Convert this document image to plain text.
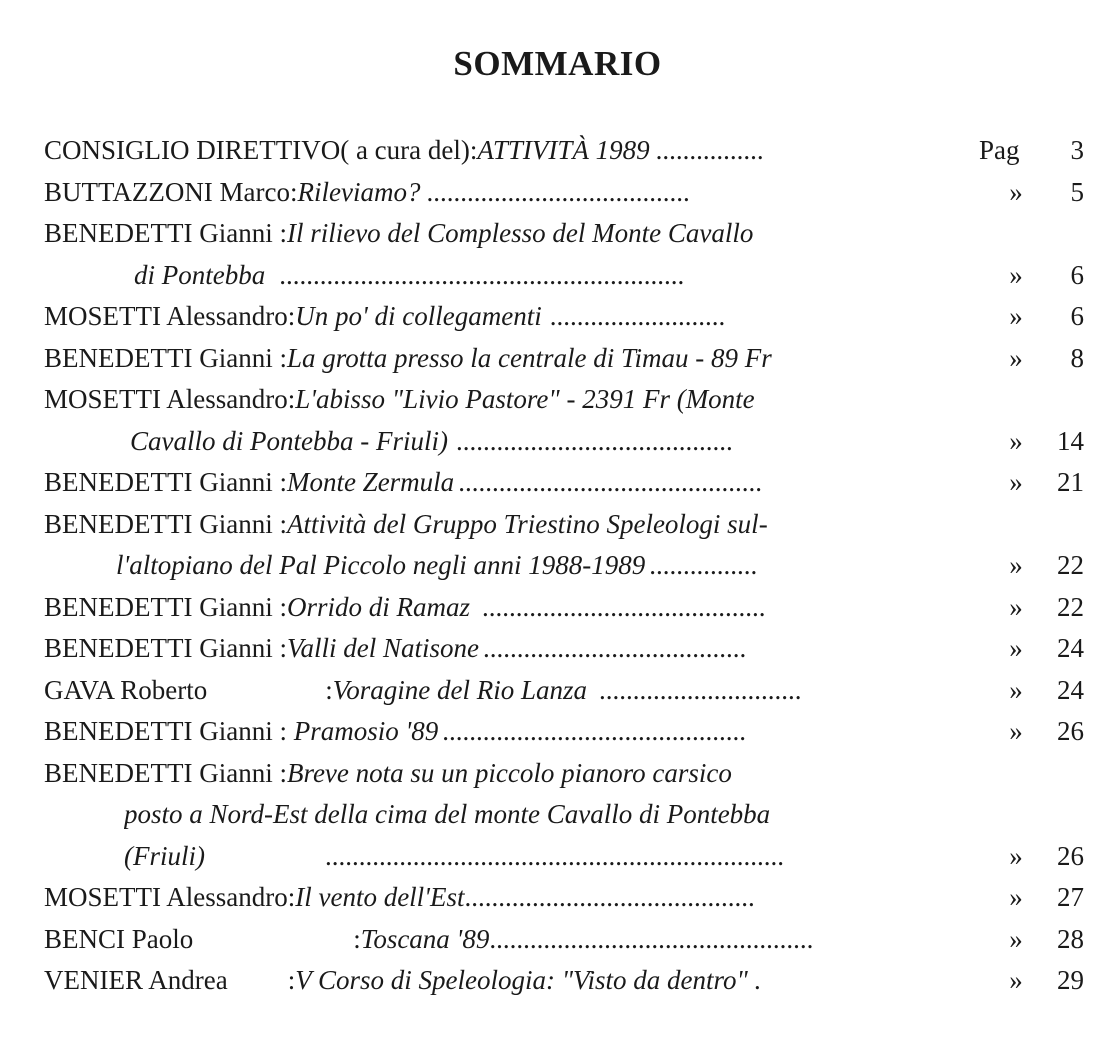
SOMMARIO
CONSIGLIO DIRETTIVO( a cura del):ATTIVITÀ 1989 ................	Pag	3
BUTTAZZONI Marco:Rileviamo? .......................................	»	5
BENEDETTI Gianni :Il rilievo del Complesso del Monte Cavallo
di Pontebba ............................................................	»	6
MOSETTI Alessandro:Un po' di collegamenti ..........................	»	6
BENEDETTI Gianni :La grotta presso la centrale di Timau - 89 Fr	»	8
MOSETTI Alessandro:L'abisso "Livio Pastore" - 2391 Fr (Monte
Cavallo di Pontebba - Friuli) .........................................	»	14
BENEDETTI Gianni :Monte Zermula .............................................	»	21
BENEDETTI Gianni :Attività del Gruppo Triestino Speleologi sul-
l'altopiano del Pal Piccolo negli anni 1988-1989 ................	»	22
BENEDETTI Gianni :Orrido di Ramaz ..........................................	»	22
BENEDETTI Gianni :Valli del Natisone .......................................	»	24
GAVA Roberto	:Voragine del Rio Lanza ..............................	»	24
BENEDETTI Gianni : Pramosio '89 .............................................	»	26
BENEDETTI Gianni :Breve nota su un piccolo pianoro carsico
posto a Nord-Est della cima del monte Cavallo di Pontebba
(Friuli)	....................................................................	»	26
MOSETTI Alessandro:Il vento dell'Est...........................................	»	27
BENCI Paolo	:Toscana '89................................................	»	28
VENIER Andrea :V Corso di Speleologia: "Visto da dentro" .	»	29
